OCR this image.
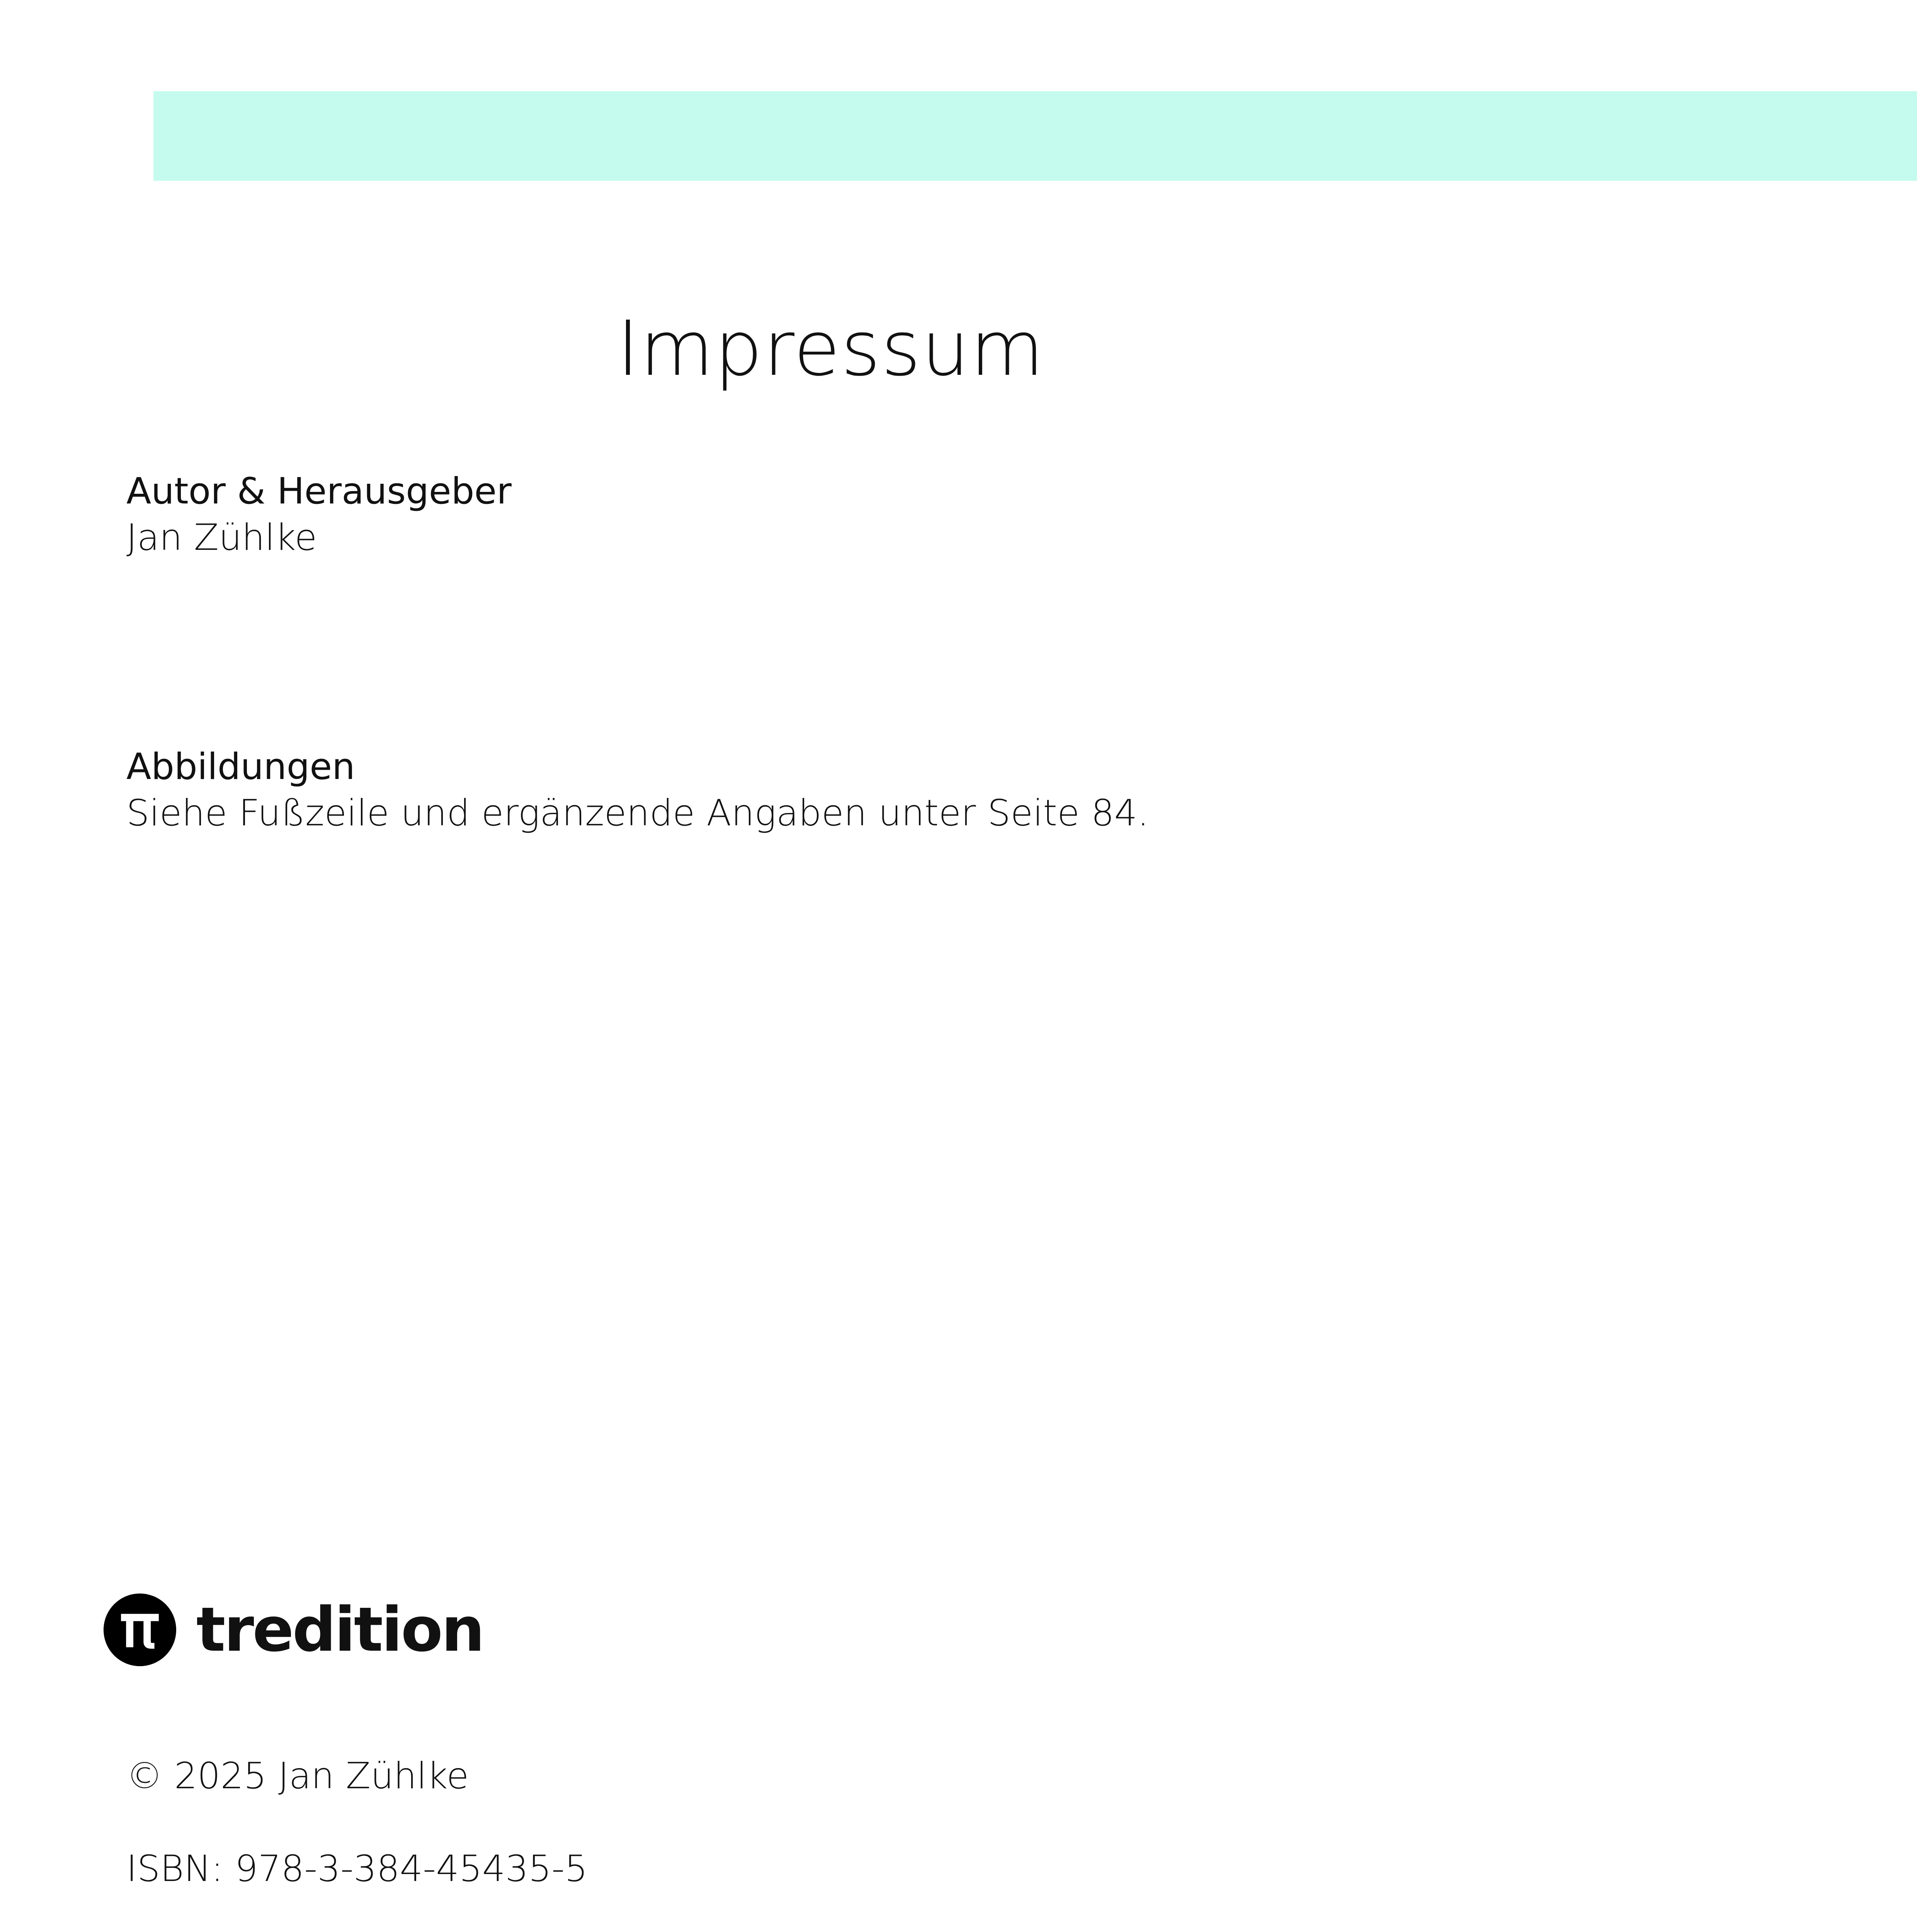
Impressum
Autor & Herausgeber
Jan Zühlke
Abbildungen
Siehe Fußzeile und ergänzende Angaben unter Seite 84.
tredition
© 2025 Jan Zühlke
ISBN: 978-3-384-45435-5
